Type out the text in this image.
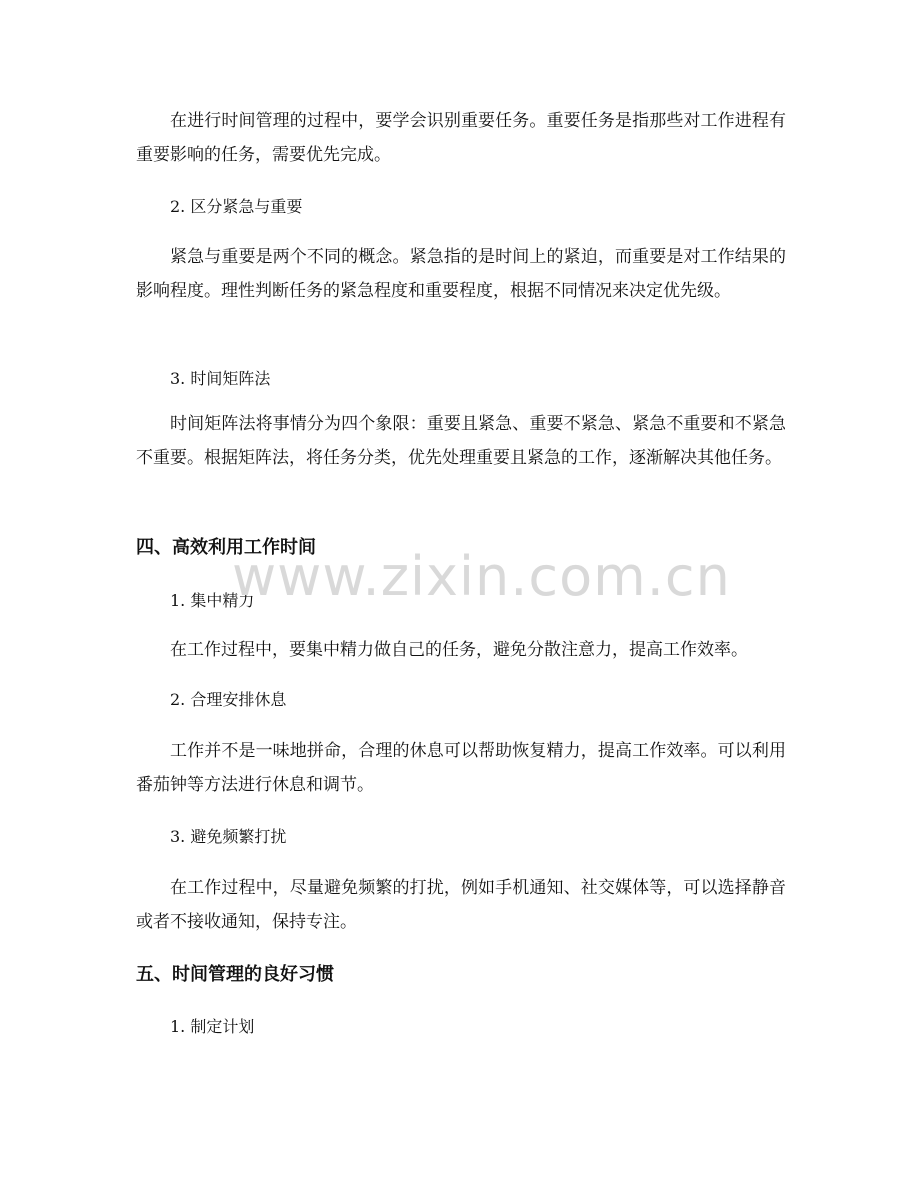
在进行时间管理的过程中，要学会识别重要任务。重要任务是指那些对工作进程有重要影响的任务，需要优先完成。
2. 区分紧急与重要
紧急与重要是两个不同的概念。紧急指的是时间上的紧迫，而重要是对工作结果的影响程度。理性判断任务的紧急程度和重要程度，根据不同情况来决定优先级。
3. 时间矩阵法
时间矩阵法将事情分为四个象限：重要且紧急、重要不紧急、紧急不重要和不紧急不重要。根据矩阵法，将任务分类，优先处理重要且紧急的工作，逐渐解决其他任务。
四、高效利用工作时间
1. 集中精力
在工作过程中，要集中精力做自己的任务，避免分散注意力，提高工作效率。
2. 合理安排休息
工作并不是一味地拼命，合理的休息可以帮助恢复精力，提高工作效率。可以利用番茄钟等方法进行休息和调节。
3. 避免频繁打扰
在工作过程中，尽量避免频繁的打扰，例如手机通知、社交媒体等，可以选择静音或者不接收通知，保持专注。
五、时间管理的良好习惯
1. 制定计划
www.zixin.com.cn
